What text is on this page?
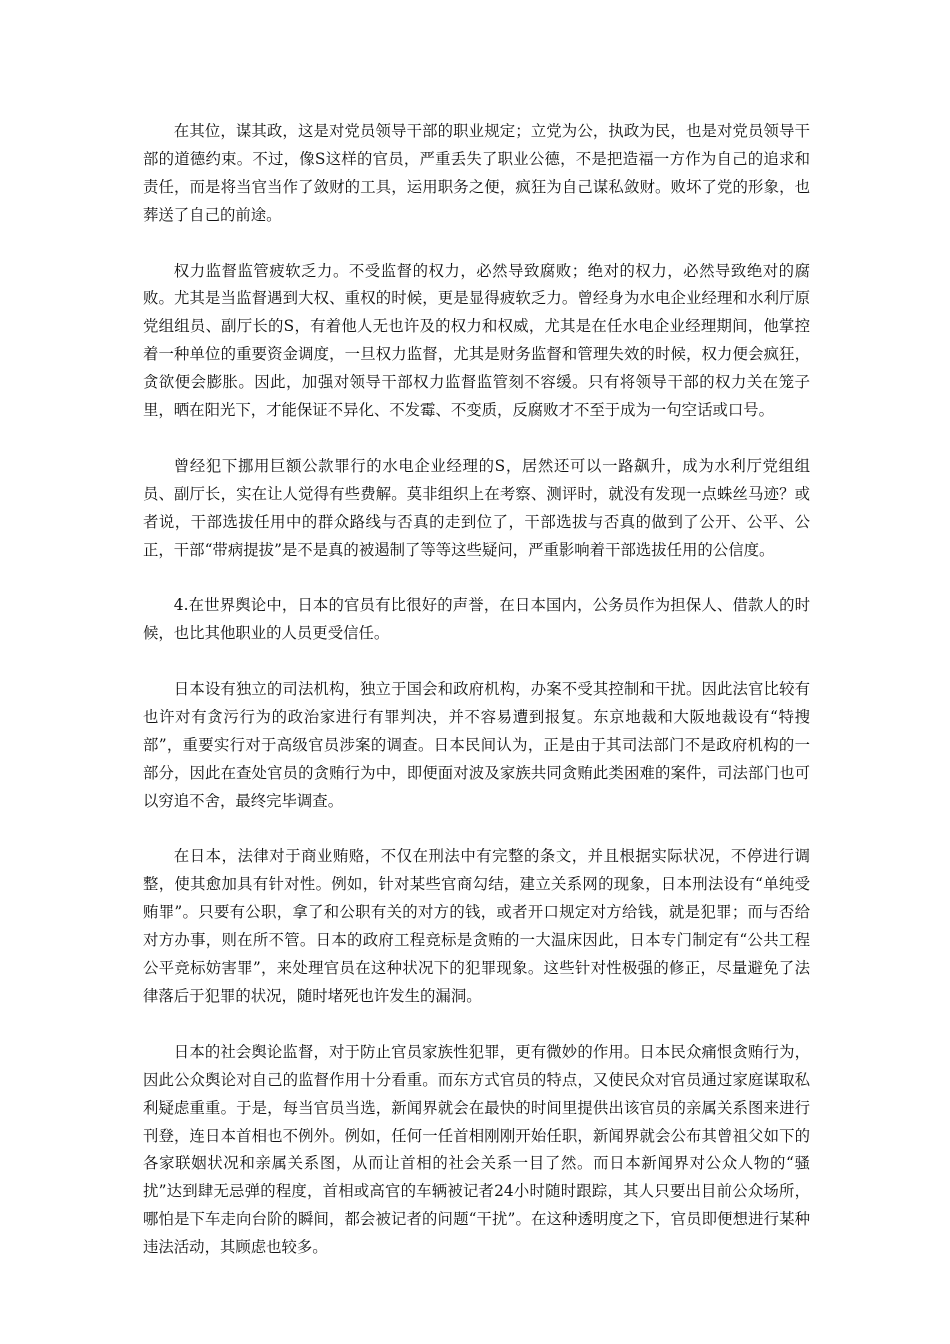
在其位，谋其政，这是对党员领导干部的职业规定；立党为公，执政为民，也是对党员领导干部的道德约束。不过，像S这样的官员，严重丢失了职业公德，不是把造福一方作为自己的追求和责任，而是将当官当作了敛财的工具，运用职务之便，疯狂为自己谋私敛财。败坏了党的形象，也葬送了自己的前途。

权力监督监管疲软乏力。不受监督的权力，必然导致腐败；绝对的权力，必然导致绝对的腐败。尤其是当监督遇到大权、重权的时候，更是显得疲软乏力。曾经身为水电企业经理和水利厅原党组组员、副厅长的S，有着他人无也许及的权力和权威，尤其是在任水电企业经理期间，他掌控着一种单位的重要资金调度，一旦权力监督，尤其是财务监督和管理失效的时候，权力便会疯狂，贪欲便会膨胀。因此，加强对领导干部权力监督监管刻不容缓。只有将领导干部的权力关在笼子里，晒在阳光下，才能保证不异化、不发霉、不变质，反腐败才不至于成为一句空话或口号。

曾经犯下挪用巨额公款罪行的水电企业经理的S，居然还可以一路飙升，成为水利厅党组组员、副厅长，实在让人觉得有些费解。莫非组织上在考察、测评时，就没有发现一点蛛丝马迹？或者说，干部选拔任用中的群众路线与否真的走到位了，干部选拔与否真的做到了公开、公平、公正，干部“带病提拔”是不是真的被遏制了等等这些疑问，严重影响着干部选拔任用的公信度。

4.在世界舆论中，日本的官员有比很好的声誉，在日本国内，公务员作为担保人、借款人的时候，也比其他职业的人员更受信任。

日本设有独立的司法机构，独立于国会和政府机构，办案不受其控制和干扰。因此法官比较有也许对有贪污行为的政治家进行有罪判决，并不容易遭到报复。东京地裁和大阪地裁设有“特搜部”，重要实行对于高级官员涉案的调查。日本民间认为，正是由于其司法部门不是政府机构的一部分，因此在查处官员的贪贿行为中，即便面对波及家族共同贪贿此类困难的案件，司法部门也可以穷追不舍，最终完毕调查。

在日本，法律对于商业贿赂，不仅在刑法中有完整的条文，并且根据实际状况，不停进行调整，使其愈加具有针对性。例如，针对某些官商勾结，建立关系网的现象，日本刑法设有“单纯受贿罪”。只要有公职，拿了和公职有关的对方的钱，或者开口规定对方给钱，就是犯罪；而与否给对方办事，则在所不管。日本的政府工程竞标是贪贿的一大温床因此，日本专门制定有“公共工程公平竞标妨害罪”，来处理官员在这种状况下的犯罪现象。这些针对性极强的修正，尽量避免了法律落后于犯罪的状况，随时堵死也许发生的漏洞。

日本的社会舆论监督，对于防止官员家族性犯罪，更有微妙的作用。日本民众痛恨贪贿行为，因此公众舆论对自己的监督作用十分看重。而东方式官员的特点，又使民众对官员通过家庭谋取私利疑虑重重。于是，每当官员当选，新闻界就会在最快的时间里提供出该官员的亲属关系图来进行刊登，连日本首相也不例外。例如，任何一任首相刚刚开始任职，新闻界就会公布其曾祖父如下的各家联姻状况和亲属关系图，从而让首相的社会关系一目了然。而日本新闻界对公众人物的“骚扰”达到肆无忌弹的程度，首相或高官的车辆被记者24小时随时跟踪，其人只要出目前公众场所，哪怕是下车走向台阶的瞬间，都会被记者的问题“干扰”。在这种透明度之下，官员即便想进行某种违法活动，其顾虑也较多。
